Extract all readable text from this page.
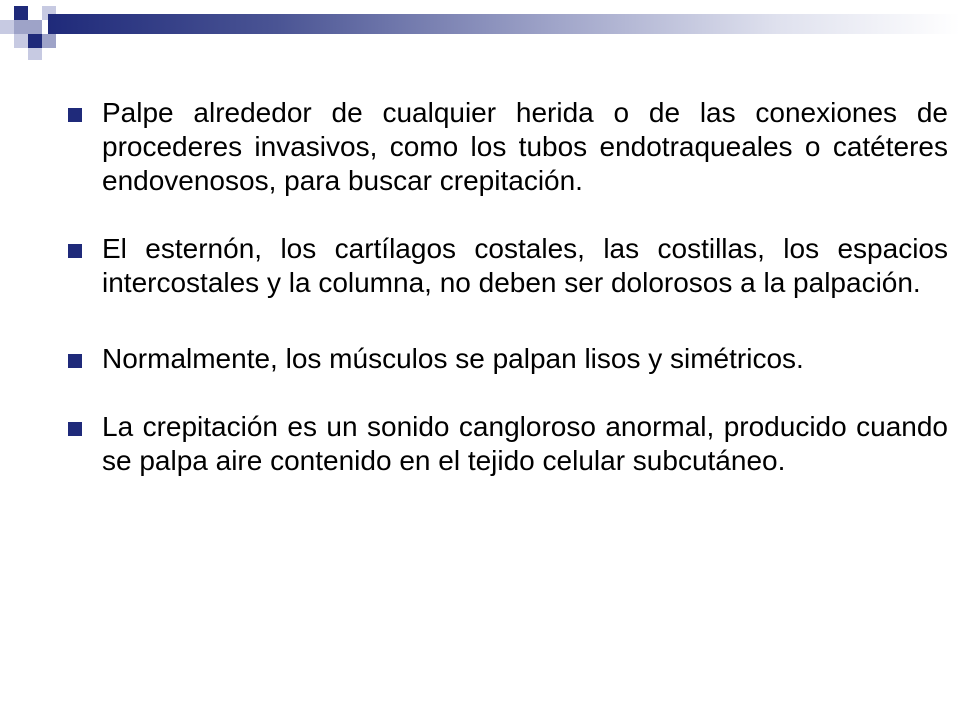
Palpe alrededor de cualquier herida o de las conexiones de procederes invasivos, como los tubos endotraqueales o catéteres endovenosos, para buscar crepitación.
El esternón, los cartílagos costales, las costillas, los espacios intercostales y la columna, no deben ser dolorosos a la palpación.
Normalmente, los músculos se palpan lisos y simétricos.
La crepitación es un sonido cangloroso anormal, producido cuando se palpa aire contenido en el tejido celular subcutáneo.
